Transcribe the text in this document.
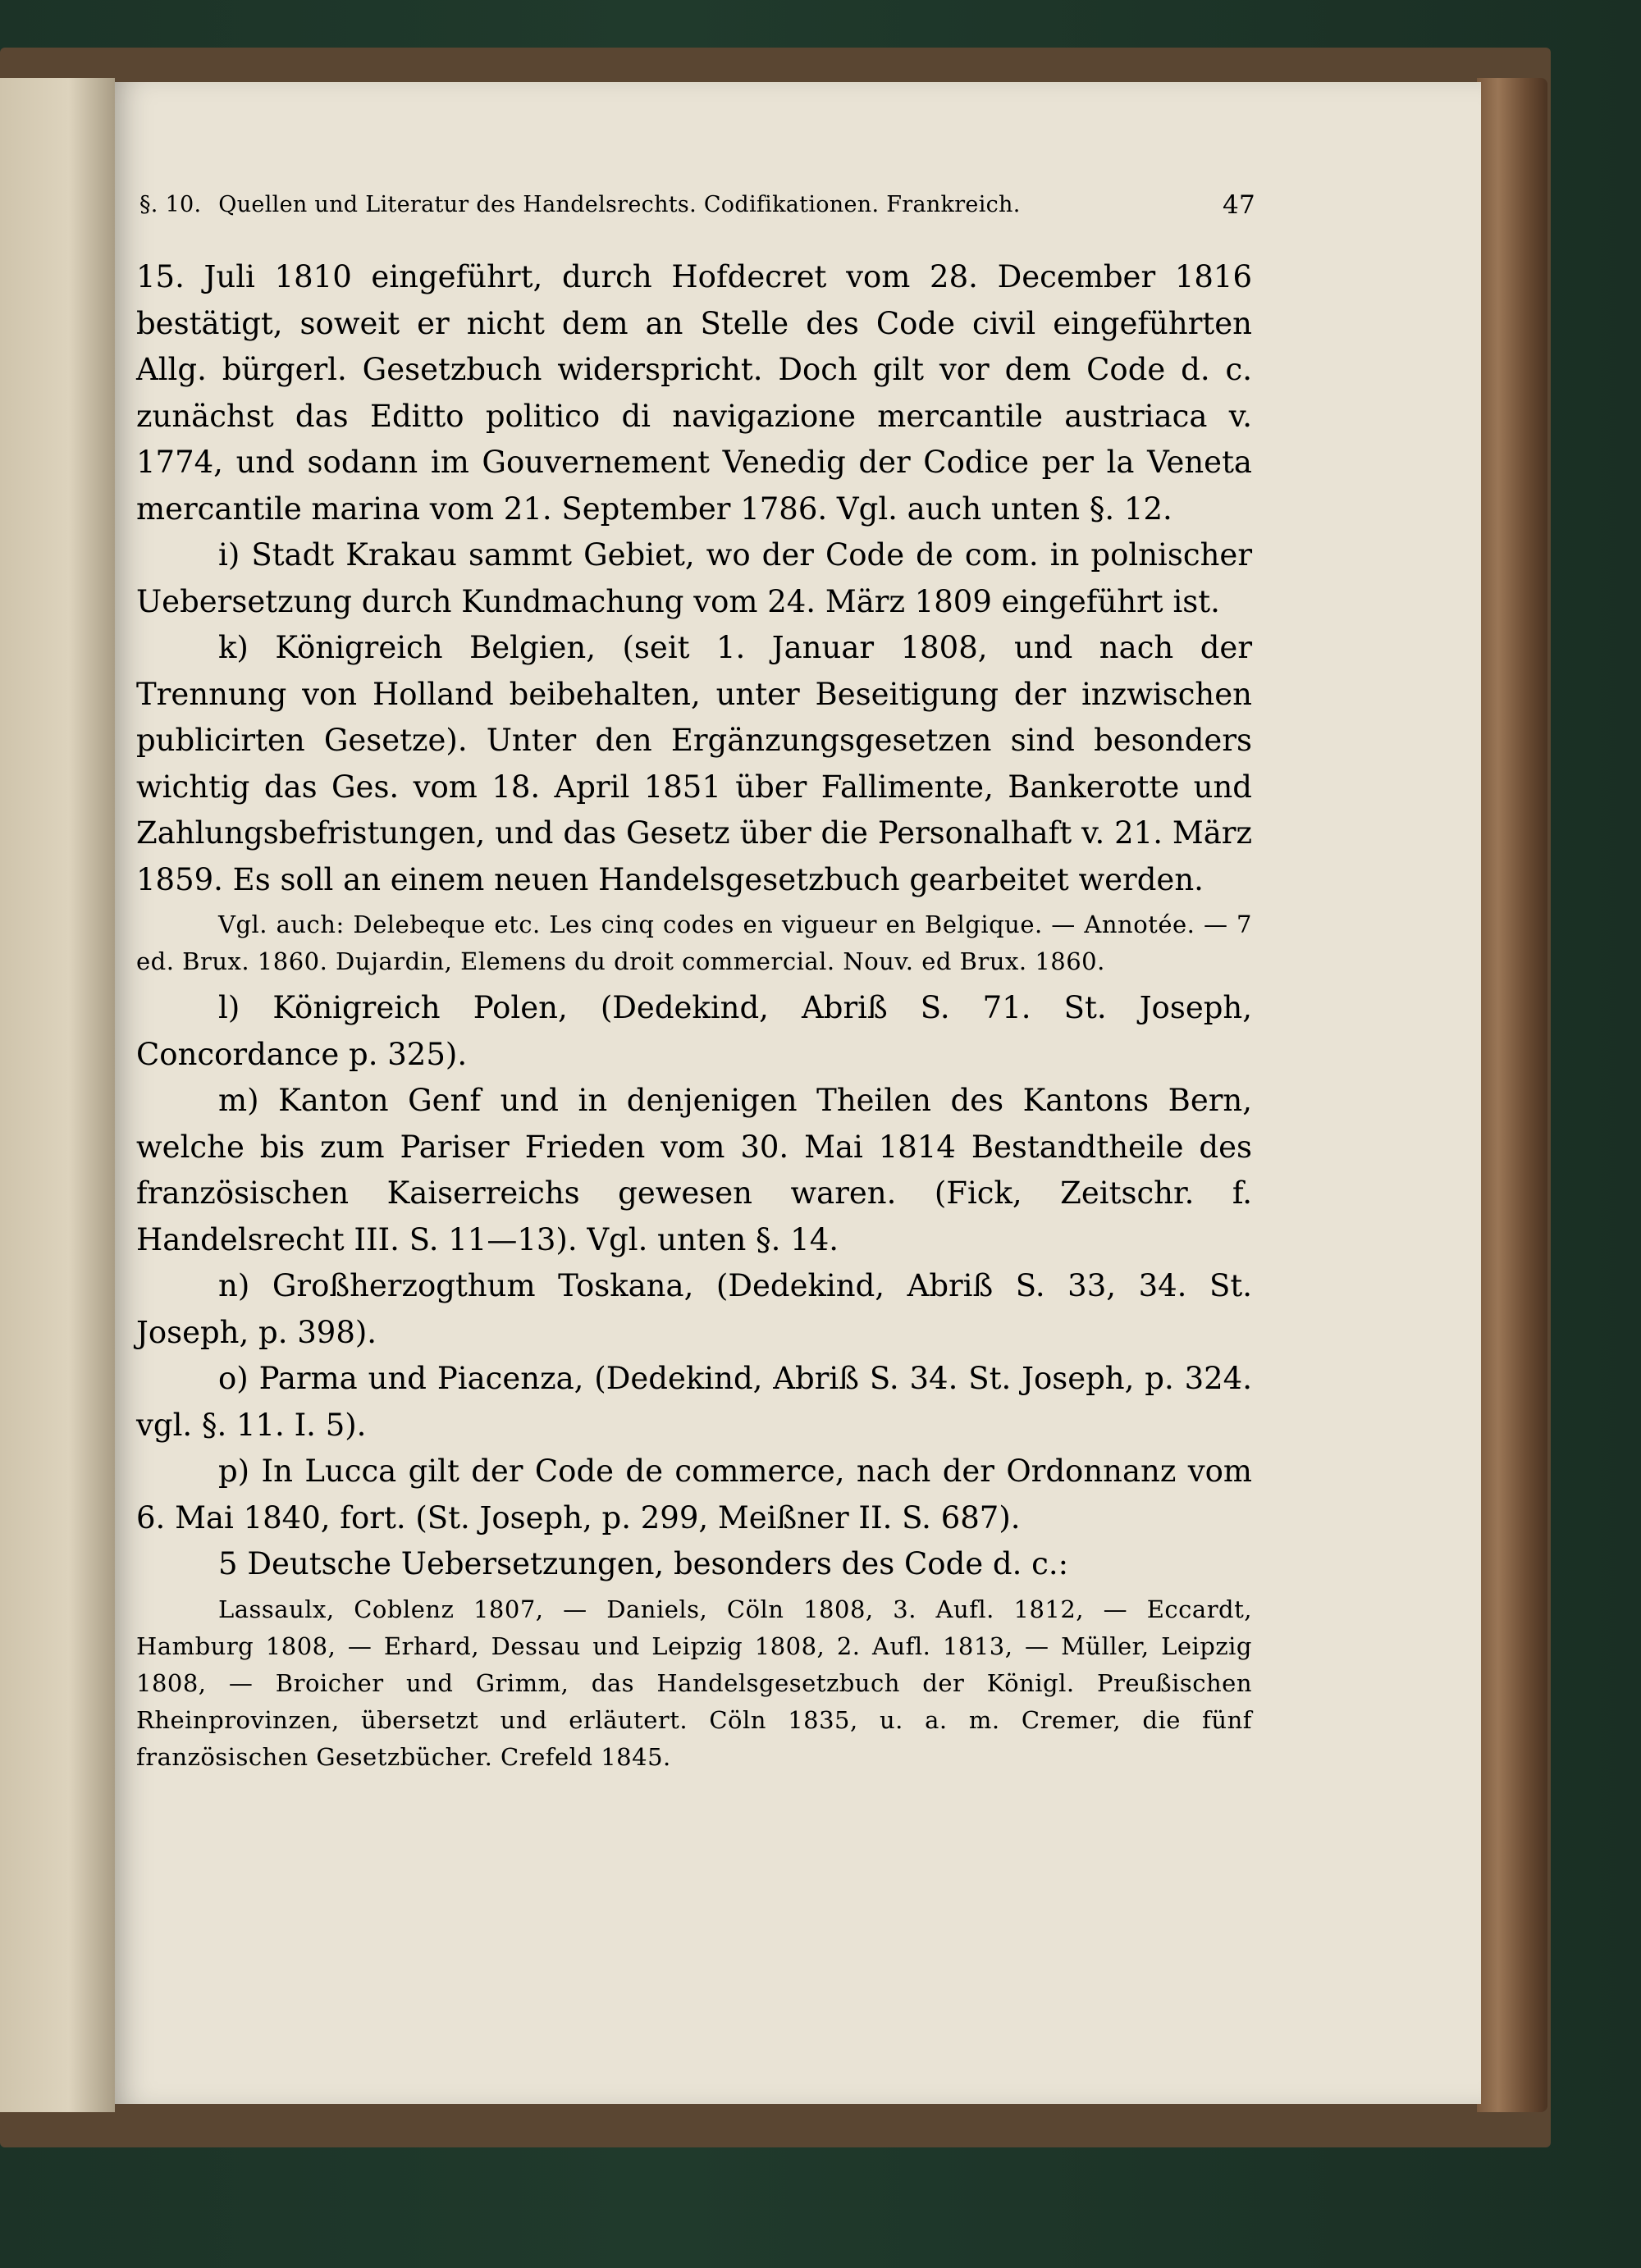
§. 10. Quellen und Literatur des Handelsrechts. Codifikationen. Frankreich.	47

15. Juli 1810 eingeführt, durch Hofdecret vom 28. December 1816 bestätigt, soweit er nicht dem an Stelle des Code civil eingeführten Allg. bürgerl. Gesetzbuch widerspricht. Doch gilt vor dem Code d. c. zunächst das Editto politico di navigazione mercantile austriaca v. 1774, und sodann im Gouvernement Venedig der Codice per la Veneta mercantile marina vom 21. September 1786. Vgl. auch unten §. 12.

i) Stadt Krakau sammt Gebiet, wo der Code de com. in polnischer Uebersetzung durch Kundmachung vom 24. März 1809 eingeführt ist.

k) Königreich Belgien, (seit 1. Januar 1808, und nach der Trennung von Holland beibehalten, unter Beseitigung der inzwischen publicirten Gesetze). Unter den Ergänzungsgesetzen sind besonders wichtig das Ges. vom 18. April 1851 über Fallimente, Bankerotte und Zahlungsbefristungen, und das Gesetz über die Personalhaft v. 21. März 1859. Es soll an einem neuen Handelsgesetzbuch gearbeitet werden.

Vgl. auch: Delebeque etc. Les cinq codes en vigueur en Belgique. — Annotée. — 7 ed. Brux. 1860. Dujardin, Elemens du droit commercial. Nouv. ed Brux. 1860.

l) Königreich Polen, (Dedekind, Abriß S. 71. St. Joseph, Concordance p. 325).

m) Kanton Genf und in denjenigen Theilen des Kantons Bern, welche bis zum Pariser Frieden vom 30. Mai 1814 Bestandtheile des französischen Kaiserreichs gewesen waren. (Fick, Zeitschr. f. Handelsrecht III. S. 11—13). Vgl. unten §. 14.

n) Großherzogthum Toskana, (Dedekind, Abriß S. 33, 34. St. Joseph, p. 398).

o) Parma und Piacenza, (Dedekind, Abriß S. 34. St. Joseph, p. 324. vgl. §. 11. I. 5).

p) In Lucca gilt der Code de commerce, nach der Ordonnanz vom 6. Mai 1840, fort. (St. Joseph, p. 299, Meißner II. S. 687).

5 Deutsche Uebersetzungen, besonders des Code d. c.:

Lassaulx, Coblenz 1807, — Daniels, Cöln 1808, 3. Aufl. 1812, — Eccardt, Hamburg 1808, — Erhard, Dessau und Leipzig 1808, 2. Aufl. 1813, — Müller, Leipzig 1808, — Broicher und Grimm, das Handelsgesetzbuch der Königl. Preußischen Rheinprovinzen, übersetzt und erläutert. Cöln 1835, u. a. m. Cremer, die fünf französischen Gesetzbücher. Crefeld 1845.
